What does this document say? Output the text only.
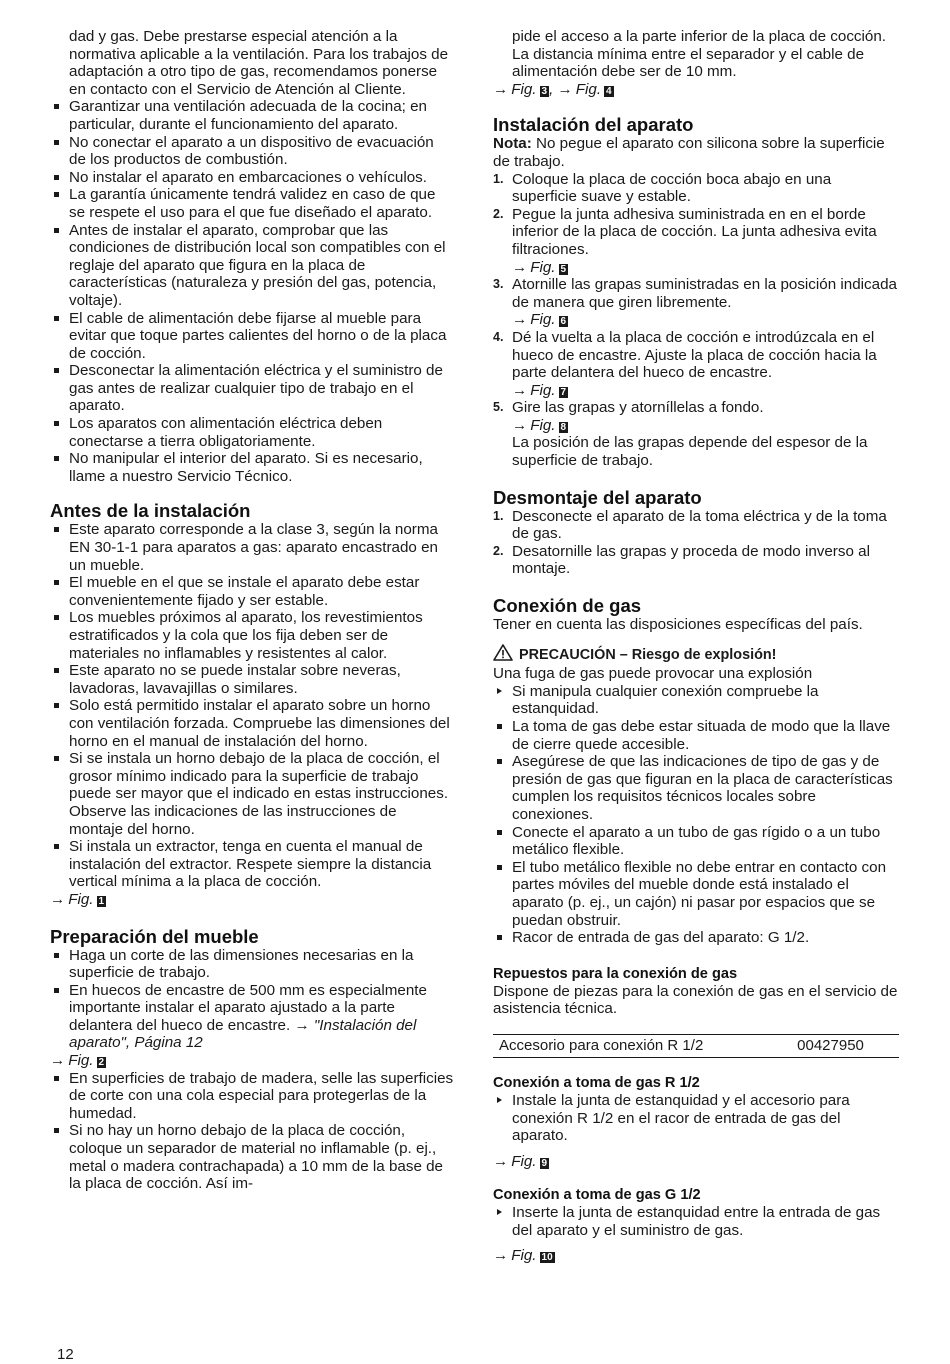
dad y gas. Debe prestarse especial atención a la normativa aplicable a la ventilación. Para los trabajos de adaptación a otro tipo de gas, recomendamos ponerse en contacto con el Servicio de Atención al Cliente.

Garantizar una ventilación adecuada de la cocina; en particular, durante el funcionamiento del aparato.

No conectar el aparato a un dispositivo de evacuación de los productos de combustión.

No instalar el aparato en embarcaciones o vehículos.

La garantía únicamente tendrá validez en caso de que se respete el uso para el que fue diseñado el aparato.

Antes de instalar el aparato, comprobar que las condiciones de distribución local son compatibles con el reglaje del aparato que figura en la placa de características (naturaleza y presión del gas, potencia, voltaje).

El cable de alimentación debe fijarse al mueble para evitar que toque partes calientes del horno o de la placa de cocción.

Desconectar la alimentación eléctrica y el suministro de gas antes de realizar cualquier tipo de trabajo en el aparato.

Los aparatos con alimentación eléctrica deben conectarse a tierra obligatoriamente.

No manipular el interior del aparato. Si es necesario, llame a nuestro Servicio Técnico.

Antes de la instalación

Este aparato corresponde a la clase 3, según la norma EN 30-1-1 para aparatos a gas: aparato encastrado en un mueble.

El mueble en el que se instale el aparato debe estar convenientemente fijado y ser estable.

Los muebles próximos al aparato, los revestimientos estratificados y la cola que los fija deben ser de materiales no inflamables y resistentes al calor.

Este aparato no se puede instalar sobre neveras, lavadoras, lavavajillas o similares.

Solo está permitido instalar el aparato sobre un horno con ventilación forzada. Compruebe las dimensiones del horno en el manual de instalación del horno.

Si se instala un horno debajo de la placa de cocción, el grosor mínimo indicado para la superficie de trabajo puede ser mayor que el indicado en estas instrucciones. Observe las indicaciones de las instrucciones de montaje del horno.

Si instala un extractor, tenga en cuenta el manual de instalación del extractor. Respete siempre la distancia vertical mínima a la placa de cocción.

→ Fig. 1

Preparación del mueble

Haga un corte de las dimensiones necesarias en la superficie de trabajo.

En huecos de encastre de 500 mm es especialmente importante instalar el aparato ajustado a la parte delantera del hueco de encastre. → "Instalación del aparato", Página 12

→ Fig. 2

En superficies de trabajo de madera, selle las superficies de corte con una cola especial para protegerlas de la humedad.

Si no hay un horno debajo de la placa de cocción, coloque un separador de material no inflamable (p. ej., metal o madera contrachapada) a 10 mm de la base de la placa de cocción. Así im-

pide el acceso a la parte inferior de la placa de cocción. La distancia mínima entre el separador y el cable de alimentación debe ser de 10 mm.

→ Fig. 3 , → Fig. 4

Instalación del aparato

Nota: No pegue el aparato con silicona sobre la superficie de trabajo.

1. Coloque la placa de cocción boca abajo en una superficie suave y estable.

2. Pegue la junta adhesiva suministrada en en el borde inferior de la placa de cocción. La junta adhesiva evita filtraciones.

→ Fig. 5

3. Atornille las grapas suministradas en la posición indicada de manera que giren libremente.

→ Fig. 6

4. Dé la vuelta a la placa de cocción e introdúzcala en el hueco de encastre. Ajuste la placa de cocción hacia la parte delantera del hueco de encastre.

→ Fig. 7

5. Gire las grapas y atorníllelas a fondo.

→ Fig. 8

La posición de las grapas depende del espesor de la superficie de trabajo.

Desmontaje del aparato
1. Desconecte el aparato de la toma eléctrica y de la toma de gas.

2. Desatornille las grapas y proceda de modo inverso al montaje.

Conexión de gas

Tener en cuenta las disposiciones específicas del país.

PRECAUCIÓN – Riesgo de explosión!

Una fuga de gas puede provocar una explosión

Si manipula cualquier conexión compruebe la estanquidad.

La toma de gas debe estar situada de modo que la llave de cierre quede accesible.

Asegúrese de que las indicaciones de tipo de gas y de presión de gas que figuran en la placa de características cumplen los requisitos técnicos locales sobre conexiones.

Conecte el aparato a un tubo de gas rígido o a un tubo metálico flexible.

El tubo metálico flexible no debe entrar en contacto con partes móviles del mueble donde está instalado el aparato (p. ej., un cajón) ni pasar por espacios que se puedan obstruir.

Racor de entrada de gas del aparato: G 1/2.

Repuestos para la conexión de gas

Dispone de piezas para la conexión de gas en el servicio de asistencia técnica.

Accesorio para conexión R 1/2	00427950
Conexión a toma de gas R 1/2

Instale la junta de estanquidad y el accesorio para conexión R 1/2 en el racor de entrada de gas del aparato.

→ Fig. 9

Conexión a toma de gas G 1/2

Inserte la junta de estanquidad entre la entrada de gas del aparato y el suministro de gas.

→ Fig. 10

12
